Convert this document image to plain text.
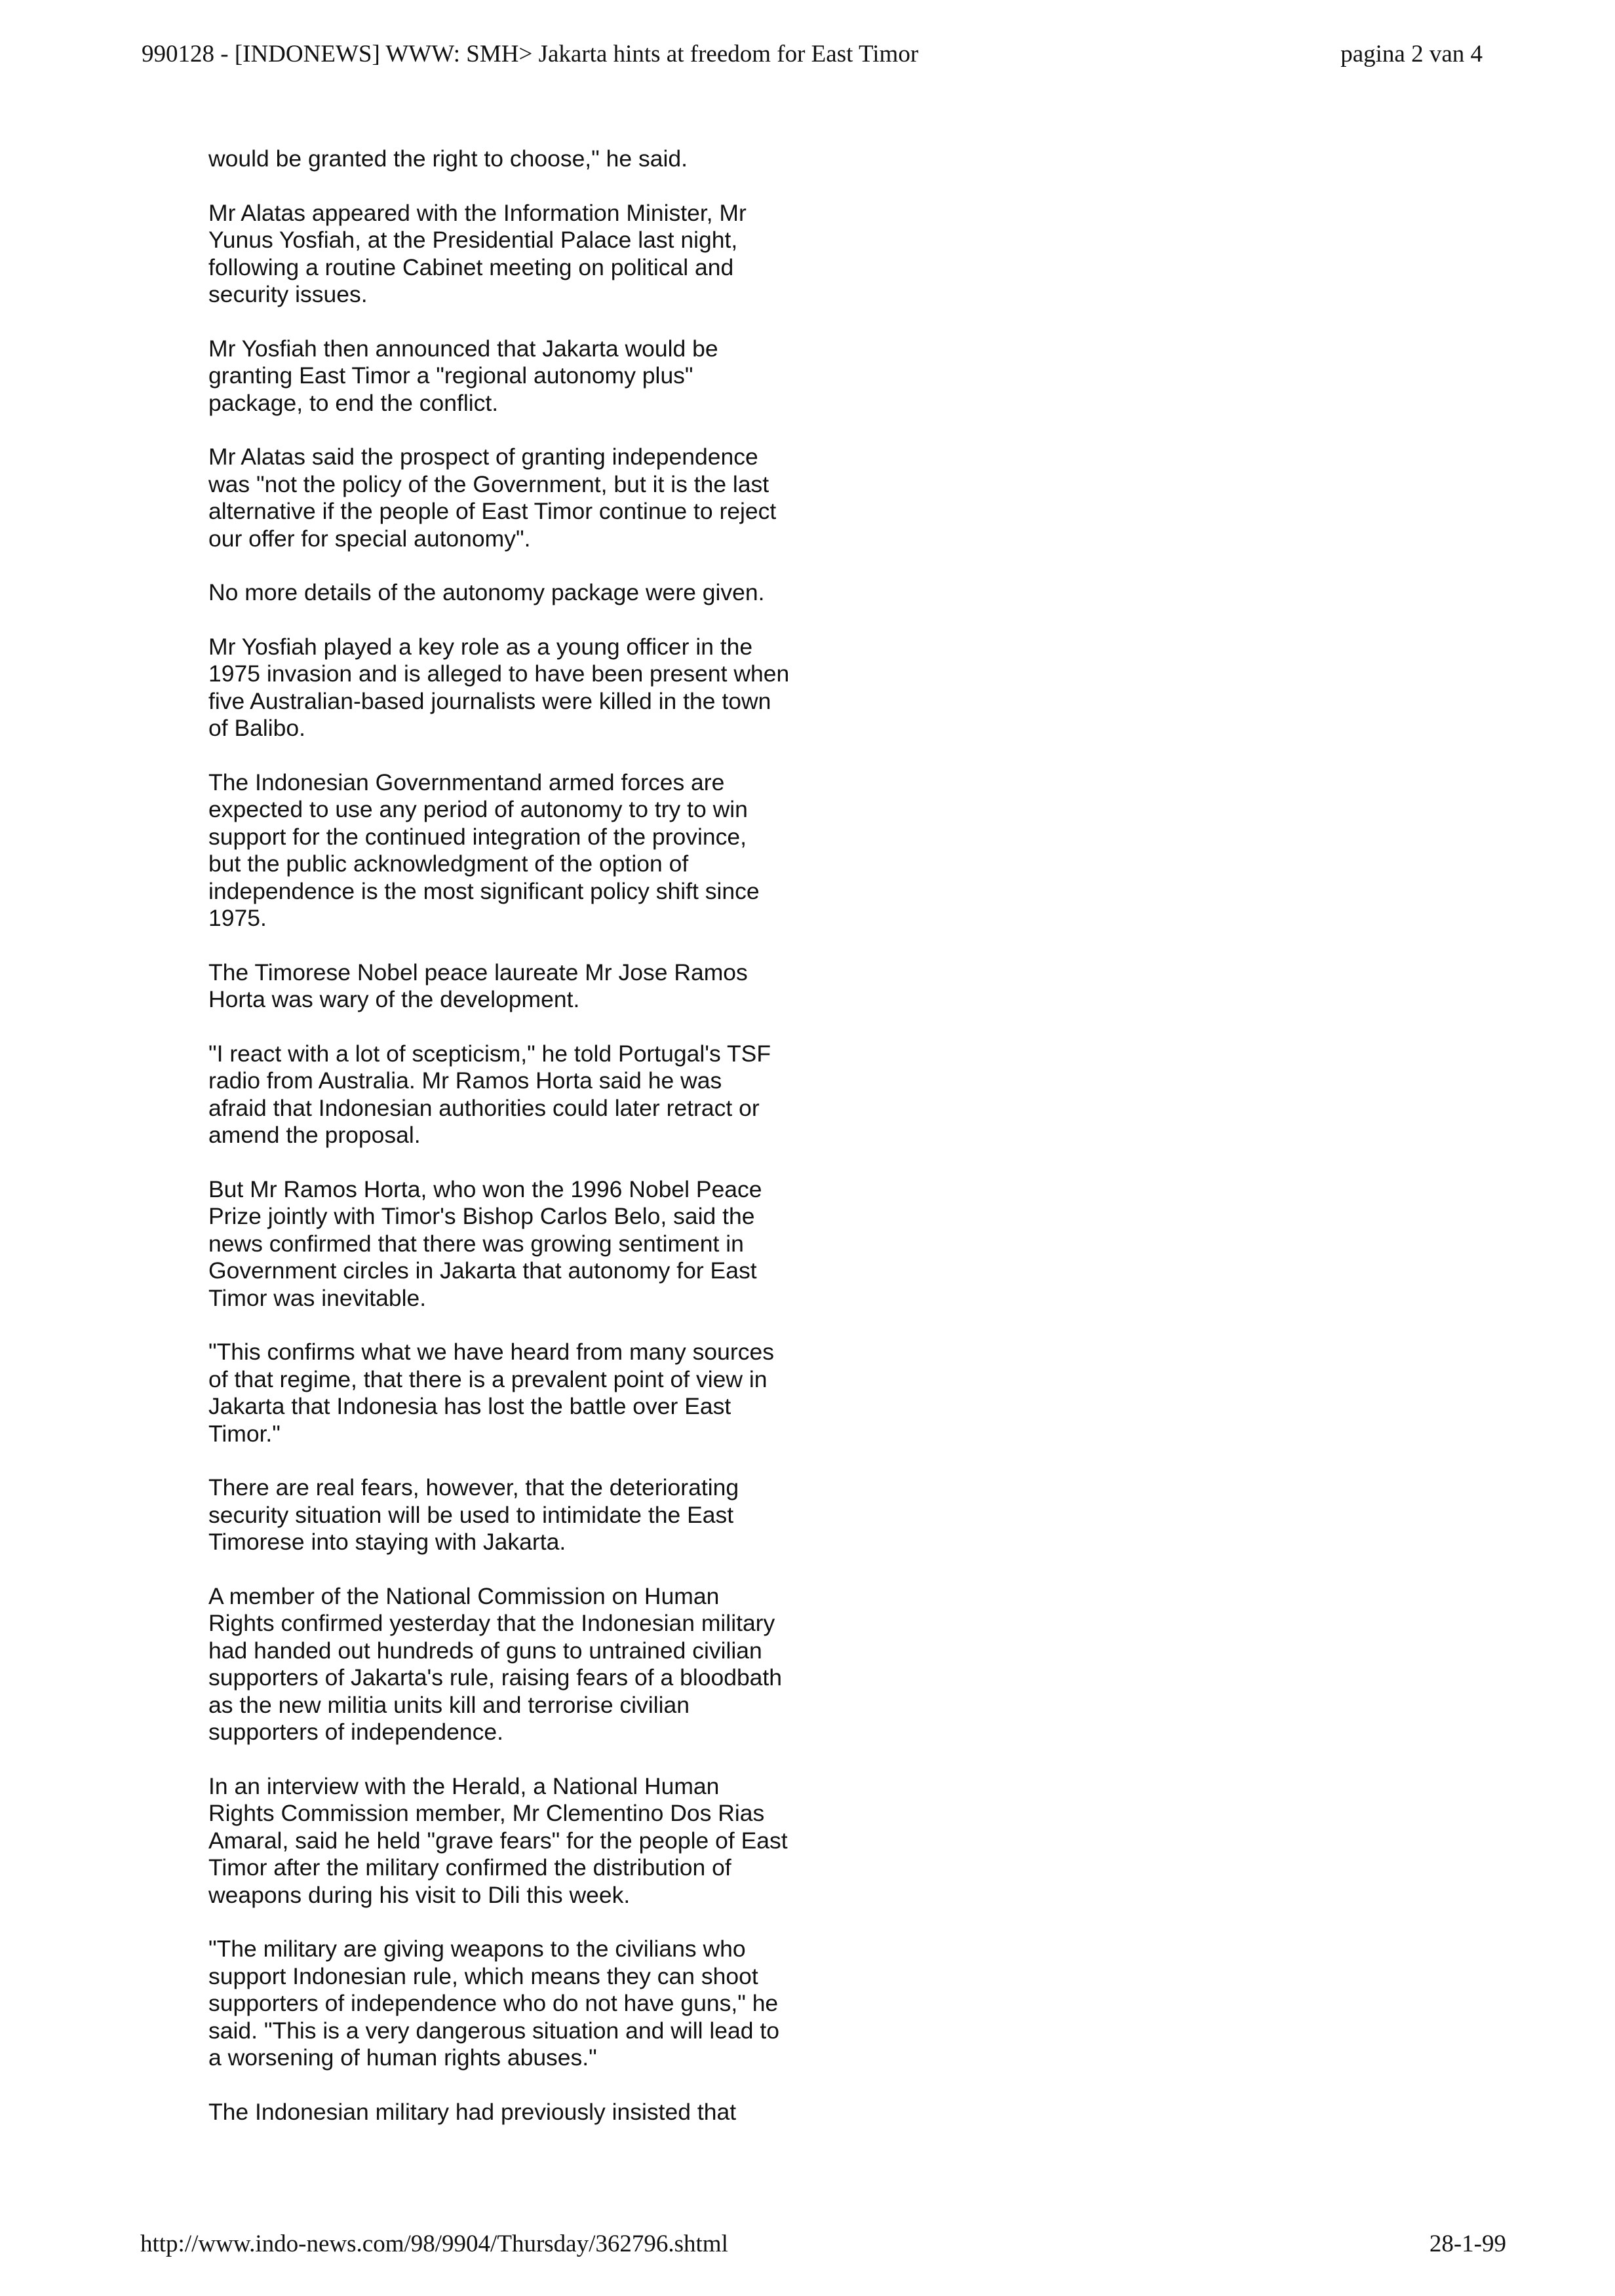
990128 - [INDONEWS] WWW: SMH> Jakarta hints at freedom for East Timor	pagina 2 van 4

would be granted the right to choose," he said.

Mr Alatas appeared with the Information Minister, Mr
Yunus Yosfiah, at the Presidential Palace last night,
following a routine Cabinet meeting on political and
security issues.

Mr Yosfiah then announced that Jakarta would be
granting East Timor a "regional autonomy plus"
package, to end the conflict.

Mr Alatas said the prospect of granting independence
was "not the policy of the Government, but it is the last
alternative if the people of East Timor continue to reject
our offer for special autonomy".

No more details of the autonomy package were given.

Mr Yosfiah played a key role as a young officer in the
1975 invasion and is alleged to have been present when
five Australian-based journalists were killed in the town
of Balibo.

The Indonesian Governmentand armed forces are
expected to use any period of autonomy to try to win
support for the continued integration of the province,
but the public acknowledgment of the option of
independence is the most significant policy shift since
1975.

The Timorese Nobel peace laureate Mr Jose Ramos
Horta was wary of the development.

"I react with a lot of scepticism," he told Portugal's TSF
radio from Australia. Mr Ramos Horta said he was
afraid that Indonesian authorities could later retract or
amend the proposal.

But Mr Ramos Horta, who won the 1996 Nobel Peace
Prize jointly with Timor's Bishop Carlos Belo, said the
news confirmed that there was growing sentiment in
Government circles in Jakarta that autonomy for East
Timor was inevitable.

"This confirms what we have heard from many sources
of that regime, that there is a prevalent point of view in
Jakarta that Indonesia has lost the battle over East
Timor."

There are real fears, however, that the deteriorating
security situation will be used to intimidate the East
Timorese into staying with Jakarta.

A member of the National Commission on Human
Rights confirmed yesterday that the Indonesian military
had handed out hundreds of guns to untrained civilian
supporters of Jakarta's rule, raising fears of a bloodbath
as the new militia units kill and terrorise civilian
supporters of independence.

In an interview with the Herald, a National Human
Rights Commission member, Mr Clementino Dos Rias
Amaral, said he held "grave fears" for the people of East
Timor after the military confirmed the distribution of
weapons during his visit to Dili this week.

"The military are giving weapons to the civilians who
support Indonesian rule, which means they can shoot
supporters of independence who do not have guns," he
said. "This is a very dangerous situation and will lead to
a worsening of human rights abuses."

The Indonesian military had previously insisted that

http://www.indo-news.com/98/9904/Thursday/362796.shtml	28-1-99
